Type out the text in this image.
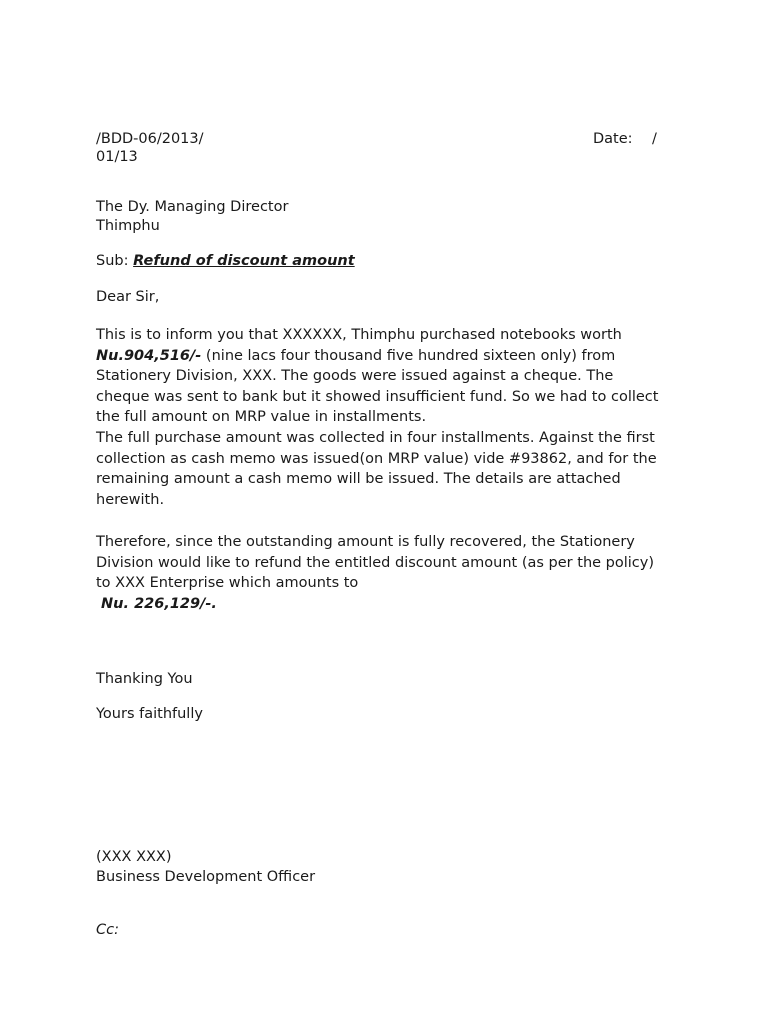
/BDD-06/2013/
01/13
Date: /
The Dy. Managing Director
Thimphu
Sub: Refund of discount amount
Dear Sir,
This is to inform you that XXXXXX, Thimphu purchased notebooks worth
Nu.904,516/- (nine lacs four thousand five hundred sixteen only) from
Stationery Division, XXX. The goods were issued against a cheque. The
cheque was sent to bank but it showed insufficient fund. So we had to collect
the full amount on MRP value in installments.
The full purchase amount was collected in four installments. Against the first
collection as cash memo was issued(on MRP value) vide #93862, and for the
remaining amount a cash memo will be issued. The details are attached
herewith.
Therefore, since the outstanding amount is fully recovered, the Stationery
Division would like to refund the entitled discount amount (as per the policy)
to XXX Enterprise which amounts to
Nu. 226,129/-.
Thanking You
Yours faithfully
(XXX XXX)
Business Development Officer
Cc:
